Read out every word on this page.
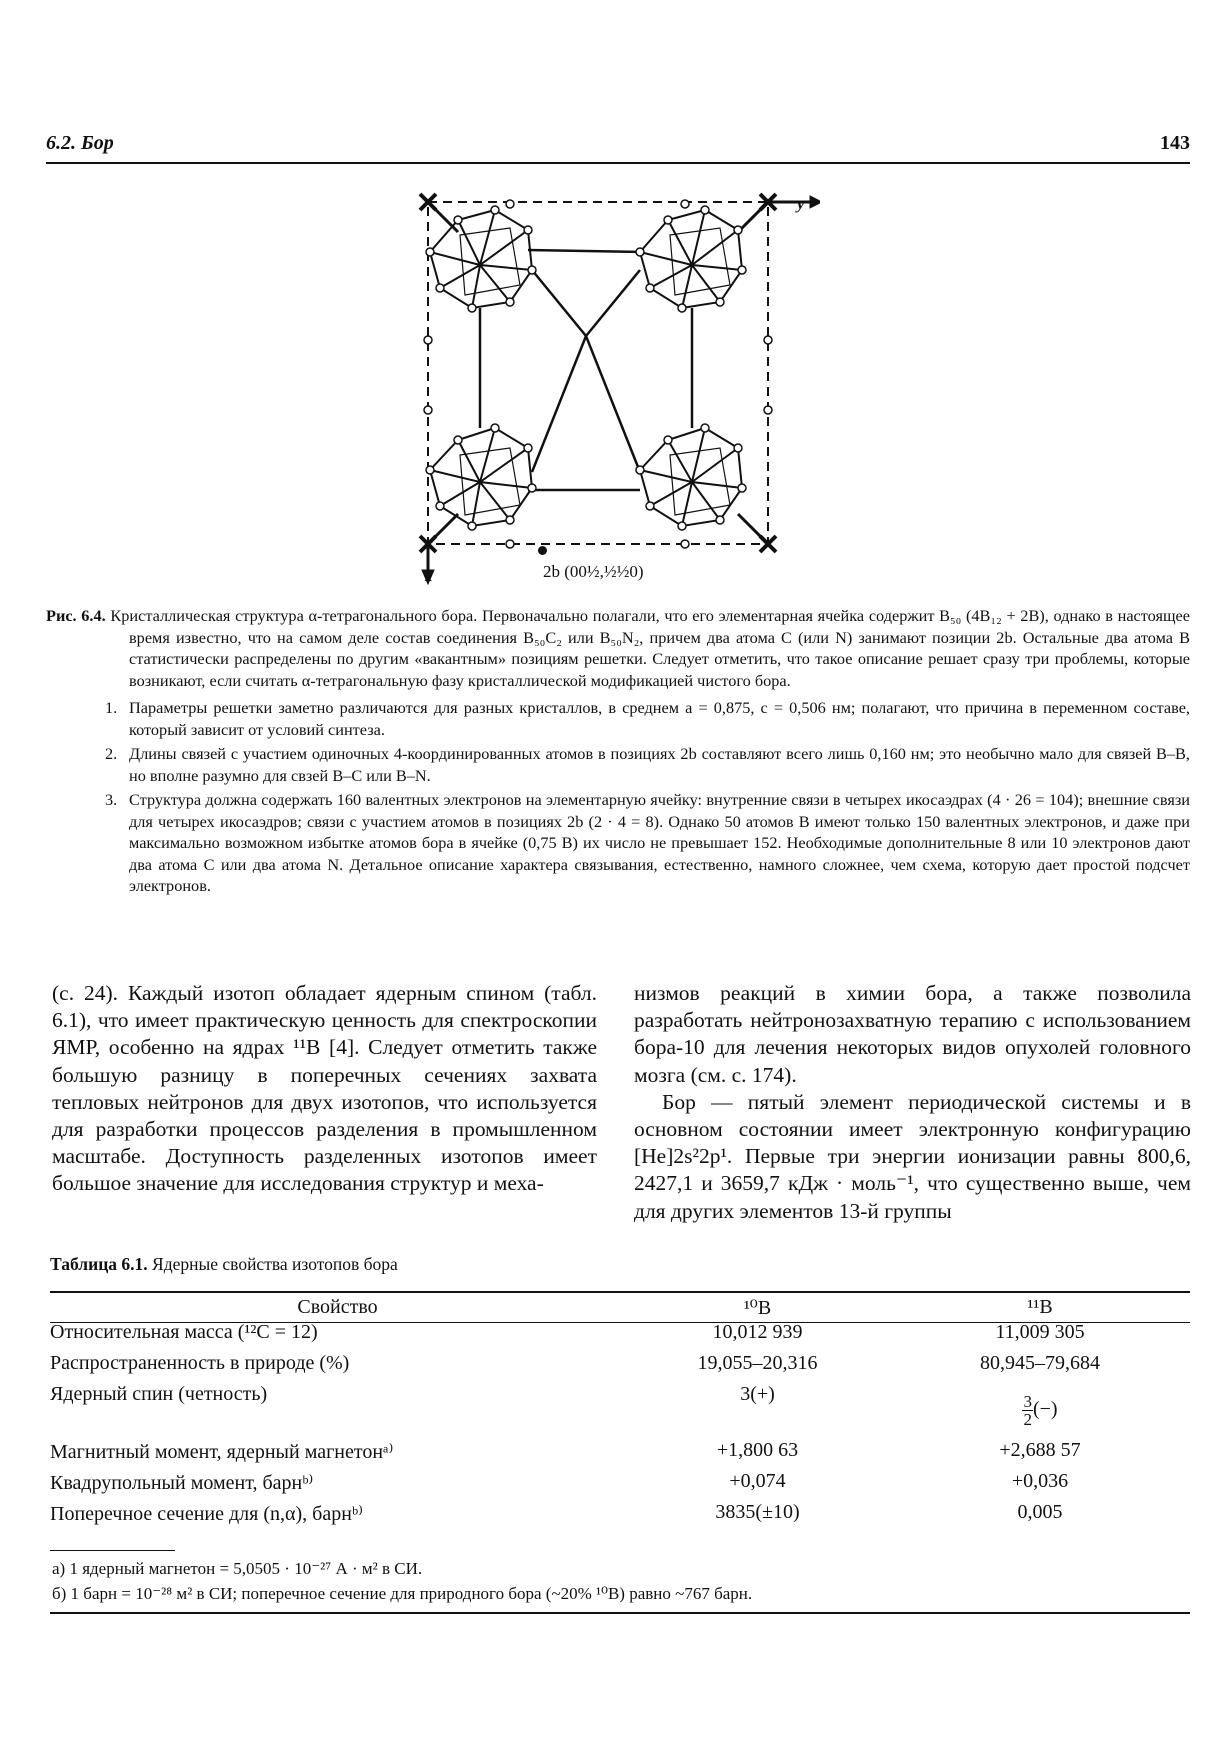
6.2. Бор	143
y
x	2b (00½,½½0)
Рис. 6.4. Кристаллическая структура α-тетрагонального бора. Первоначально полагали, что его элементарная ячейка содержит B₅₀ (4B₁₂ + 2B), однако в настоящее время известно, что на самом деле состав соединения B₅₀C₂ или B₅₀N₂, причем два атома C (или N) занимают позиции 2b. Остальные два атома B статистически распределены по другим «вакантным» позициям решетки. Следует отметить, что такое описание решает сразу три проблемы, которые возникают, если считать α-тетрагональную фазу кристаллической модификацией чистого бора.
1. Параметры решетки заметно различаются для разных кристаллов, в среднем a = 0,875, c = 0,506 нм; полагают, что причина в переменном составе, который зависит от условий синтеза.
2. Длины связей с участием одиночных 4-координированных атомов в позициях 2b составляют всего лишь 0,160 нм; это необычно мало для связей B–B, но вполне разумно для свзей B–C или B–N.
3. Структура должна содержать 160 валентных электронов на элементарную ячейку: внутренние связи в четырех икосаэдрах (4 · 26 = 104); внешние связи для четырех икосаэдров; связи с участием атомов в позициях 2b (2 · 4 = 8). Однако 50 атомов B имеют только 150 валентных электронов, и даже при максимально возможном избытке атомов бора в ячейке (0,75 B) их число не превышает 152. Необходимые дополнительные 8 или 10 электронов дают два атома C или два атома N. Детальное описание характера связывания, естественно, намного сложнее, чем схема, которую дает простой подсчет электронов.

(с. 24). Каждый изотоп обладает ядерным спином (табл. 6.1), что имеет практическую ценность для спектроскопии ЯМР, особенно на ядрах ¹¹B [4]. Следует отметить также большую разницу в поперечных сечениях захвата тепловых нейтронов для двух изотопов, что используется для разработки процессов разделения в промышленном масштабе. Доступность разделенных изотопов имеет большое значение для исследования структур и меха-

низмов реакций в химии бора, а также позволила разработать нейтронозахватную терапию с использованием бора-10 для лечения некоторых видов опухолей головного мозга (см. с. 174).

Бор — пятый элемент периодической системы и в основном состоянии имеет электронную конфигурацию [He]2s²2p¹. Первые три энергии ионизации равны 800,6, 2427,1 и 3659,7 кДж · моль⁻¹, что существенно выше, чем для других элементов 13-й группы

Таблица 6.1. Ядерные свойства изотопов бора
Свойство	¹⁰B	¹¹B
Относительная масса (¹²C = 12)	10,012 939	11,009 305
Распространенность в природе (%)	19,055–20,316	80,945–79,684
Ядерный спин (четность)	3(+)	$\frac{3}{2}$ (−)
Магнитный момент, ядерный магнетонᵃ⁾	+1,800 63	+2,688 57
Квадрупольный момент, барнᵇ⁾	+0,074	+0,036
Поперечное сечение для (n,α), барнᵇ⁾	3835(±10)	0,005

а) 1 ядерный магнетон = 5,0505 · 10⁻²⁷ А · м² в СИ.

б) 1 барн = 10⁻²⁸ м² в СИ; поперечное сечение для природного бора (~20% ¹⁰B) равно ~767 барн.
